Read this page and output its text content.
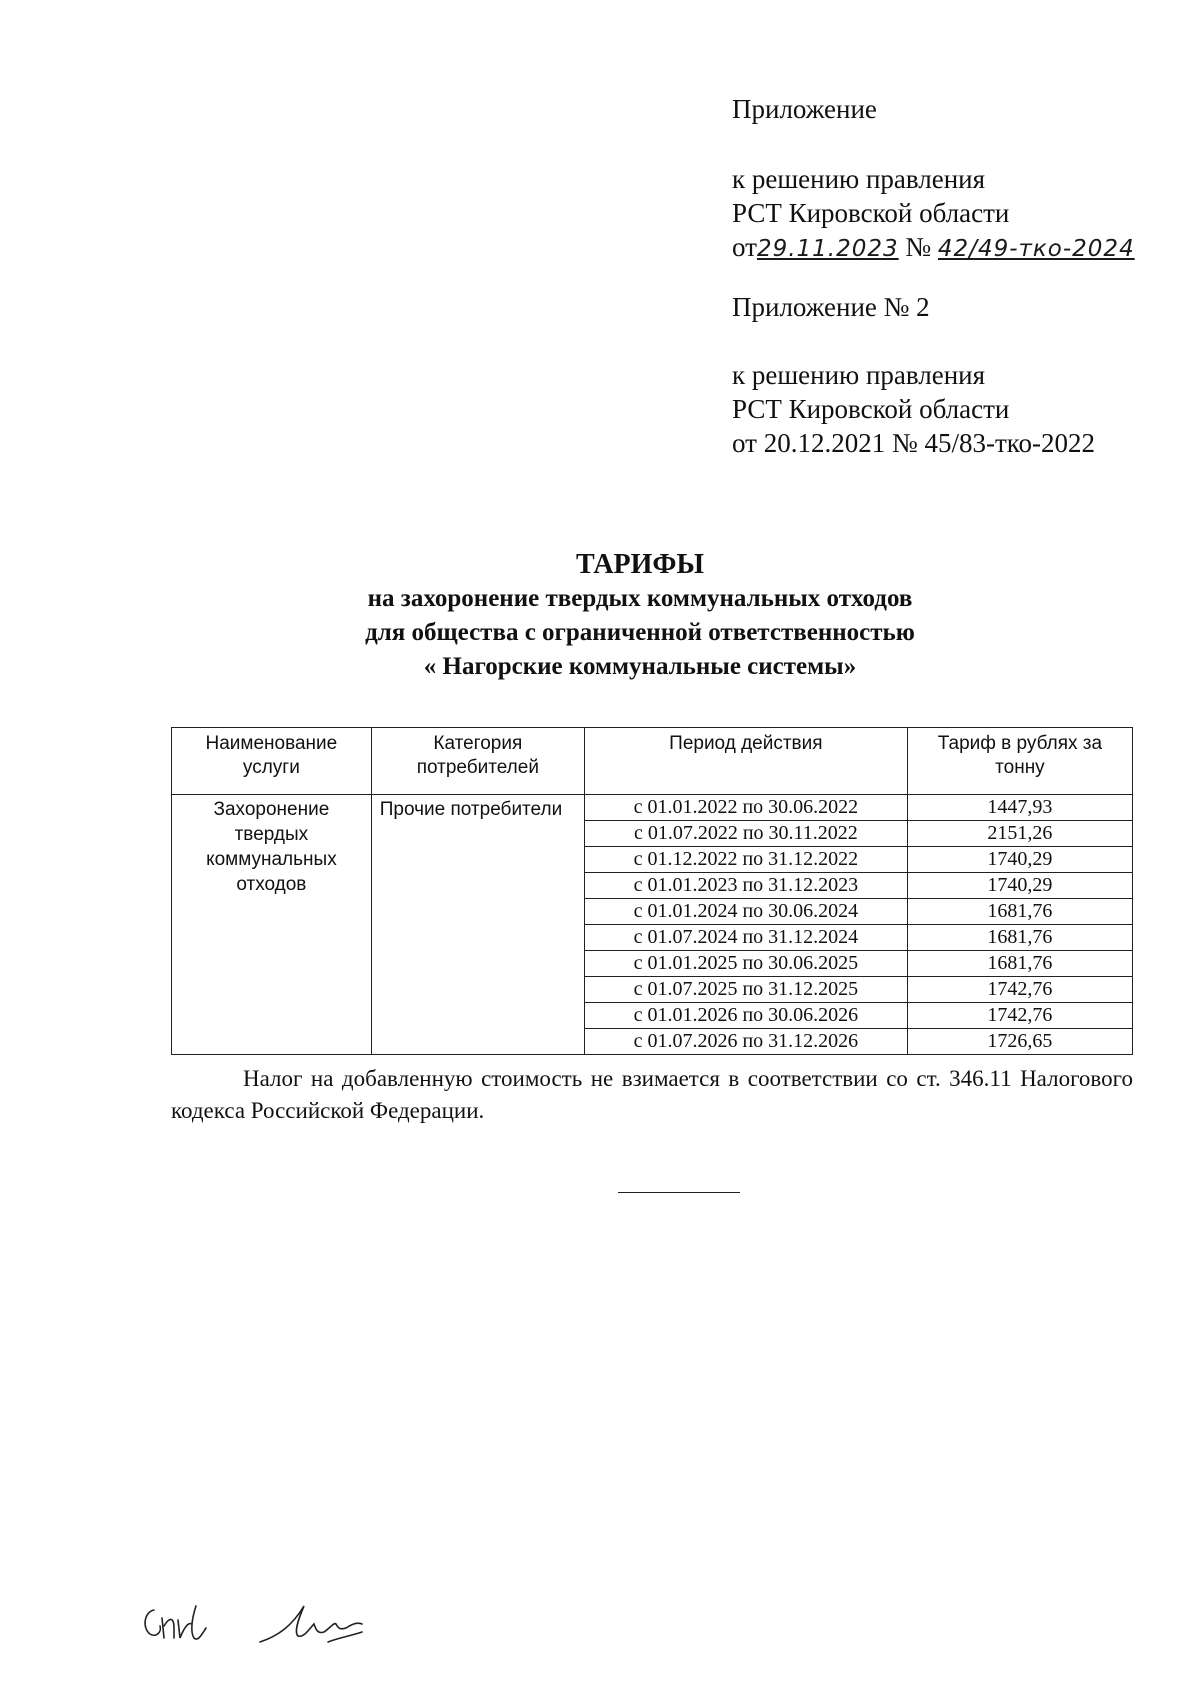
Приложение
к решению правления
РСТ Кировской области
от29.11.2023 № 42/49-тко-2024
Приложение № 2
к решению правления
РСТ Кировской области
от 20.12.2021 № 45/83-тко-2022
ТАРИФЫ
на захоронение твердых коммунальных отходов
для общества с ограниченной ответственностью
« Нагорские коммунальные системы»
Наименование услуги	Категория потребителей	Период действия	Тариф в рублях за тонну
Захоронение твердых коммунальных отходов	Прочие потребители	с 01.01.2022 по 30.06.2022	1447,93
		с 01.07.2022 по 30.11.2022	2151,26
		с 01.12.2022 по 31.12.2022	1740,29
		с 01.01.2023 по 31.12.2023	1740,29
		с 01.01.2024 по 30.06.2024	1681,76
		с 01.07.2024 по 31.12.2024	1681,76
		с 01.01.2025 по 30.06.2025	1681,76
		с 01.07.2025 по 31.12.2025	1742,76
		с 01.01.2026 по 30.06.2026	1742,76
		с 01.07.2026 по 31.12.2026	1726,65
Налог на добавленную стоимость не взимается в соответствии со ст. 346.11 Налогового кодекса Российской Федерации.
